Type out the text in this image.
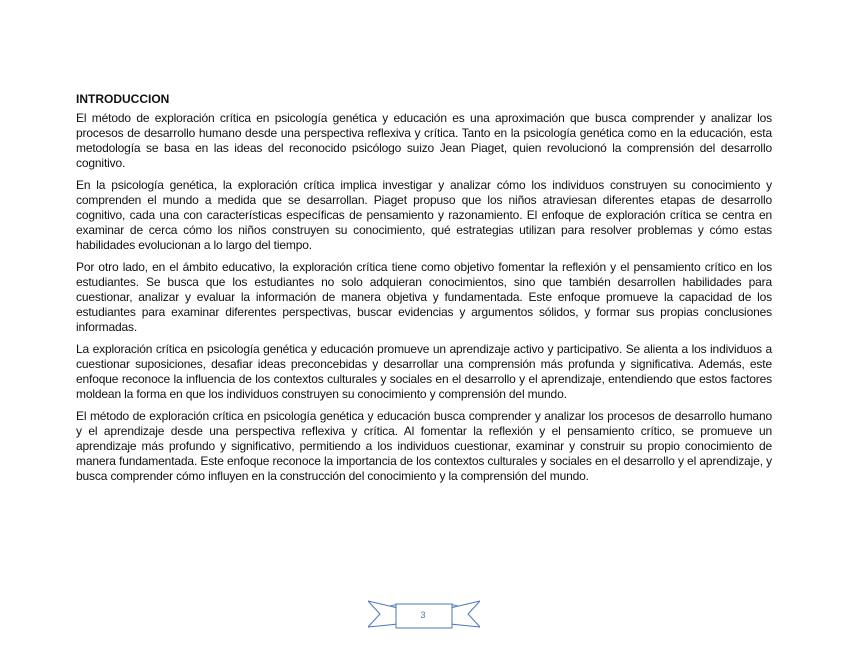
INTRODUCCION

El método de exploración crítica en psicología genética y educación es una aproximación que busca comprender y analizar los procesos de desarrollo humano desde una perspectiva reflexiva y crítica. Tanto en la psicología genética como en la educación, esta metodología se basa en las ideas del reconocido psicólogo suizo Jean Piaget, quien revolucionó la comprensión del desarrollo cognitivo.

En la psicología genética, la exploración crítica implica investigar y analizar cómo los individuos construyen su conocimiento y comprenden el mundo a medida que se desarrollan. Piaget propuso que los niños atraviesan diferentes etapas de desarrollo cognitivo, cada una con características específicas de pensamiento y razonamiento. El enfoque de exploración crítica se centra en examinar de cerca cómo los niños construyen su conocimiento, qué estrategias utilizan para resolver problemas y cómo estas habilidades evolucionan a lo largo del tiempo.

Por otro lado, en el ámbito educativo, la exploración crítica tiene como objetivo fomentar la reflexión y el pensamiento crítico en los estudiantes. Se busca que los estudiantes no solo adquieran conocimientos, sino que también desarrollen habilidades para cuestionar, analizar y evaluar la información de manera objetiva y fundamentada. Este enfoque promueve la capacidad de los estudiantes para examinar diferentes perspectivas, buscar evidencias y argumentos sólidos, y formar sus propias conclusiones informadas.

La exploración crítica en psicología genética y educación promueve un aprendizaje activo y participativo. Se alienta a los individuos a cuestionar suposiciones, desafiar ideas preconcebidas y desarrollar una comprensión más profunda y significativa. Además, este enfoque reconoce la influencia de los contextos culturales y sociales en el desarrollo y el aprendizaje, entendiendo que estos factores moldean la forma en que los individuos construyen su conocimiento y comprensión del mundo.

El método de exploración crítica en psicología genética y educación busca comprender y analizar los procesos de desarrollo humano y el aprendizaje desde una perspectiva reflexiva y crítica. Al fomentar la reflexión y el pensamiento crítico, se promueve un aprendizaje más profundo y significativo, permitiendo a los individuos cuestionar, examinar y construir su propio conocimiento de manera fundamentada. Este enfoque reconoce la importancia de los contextos culturales y sociales en el desarrollo y el aprendizaje, y busca comprender cómo influyen en la construcción del conocimiento y la comprensión del mundo.

3
